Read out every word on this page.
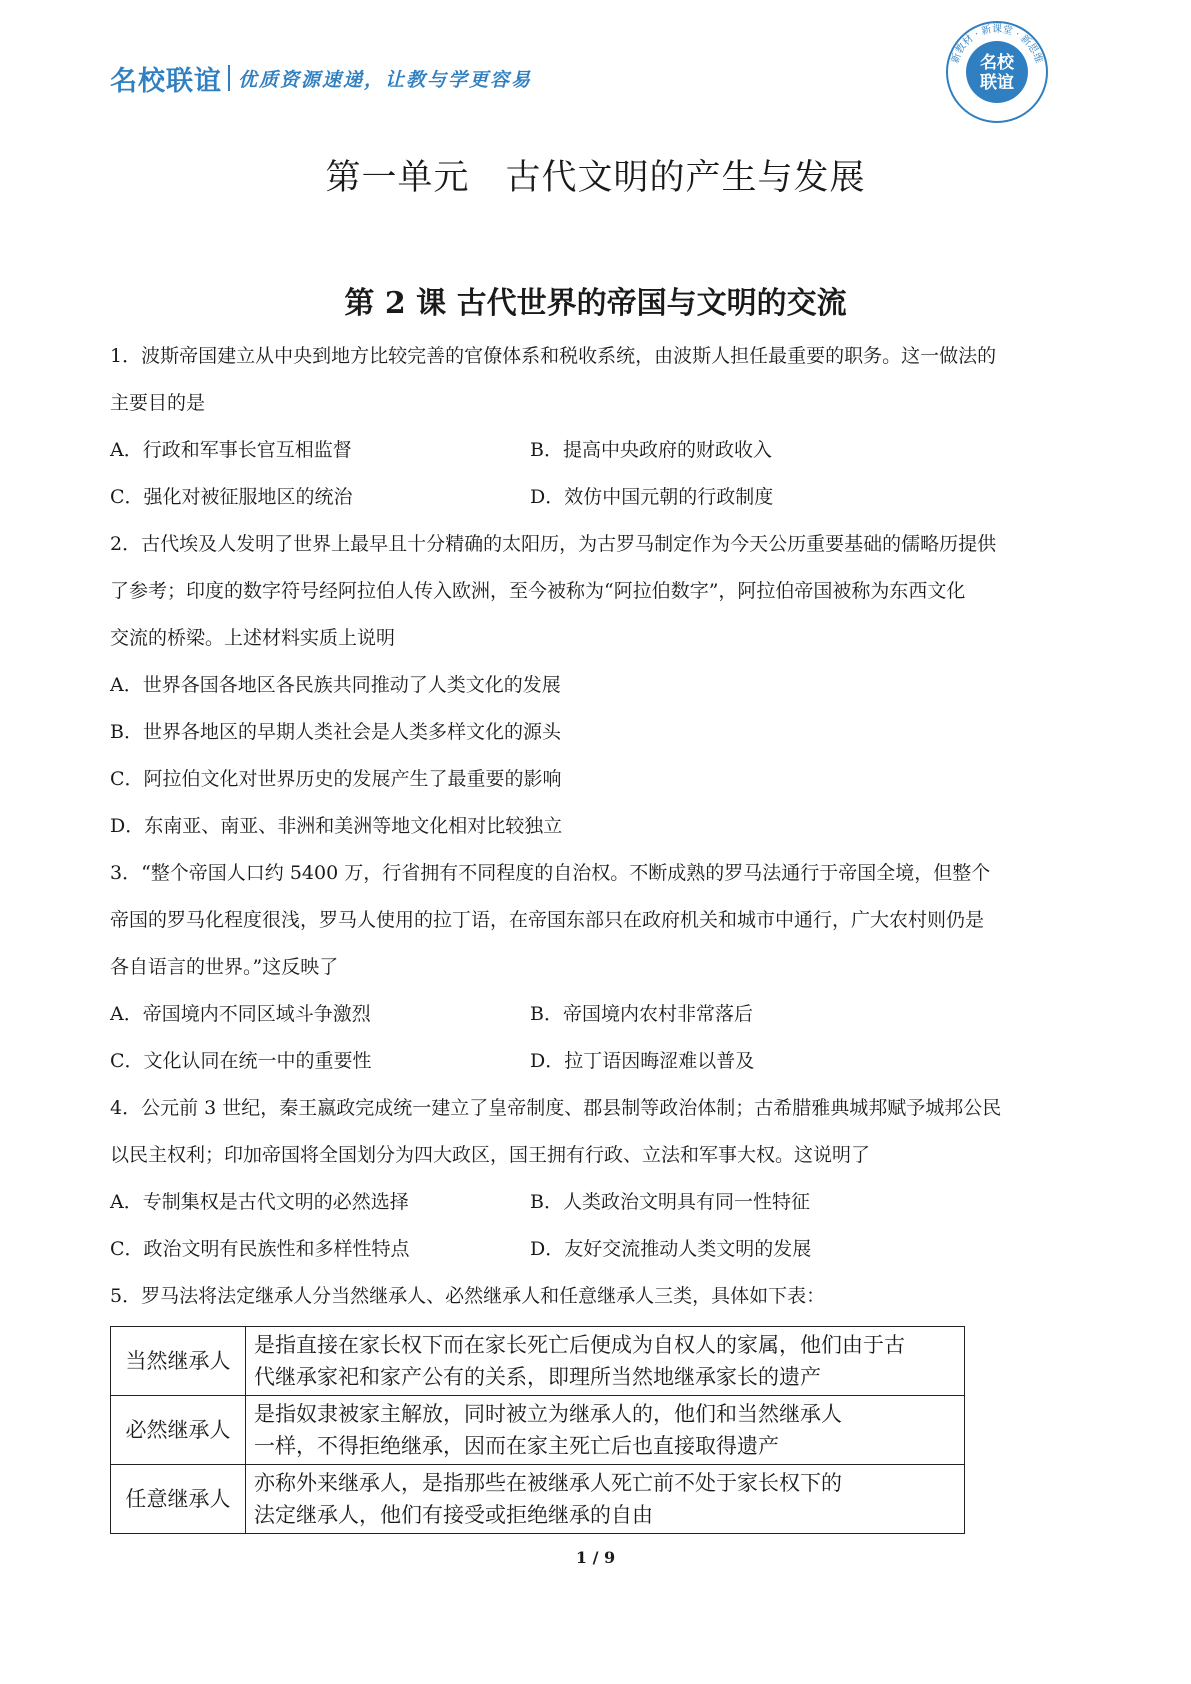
名校联谊 优质资源速递，让教与学更容易
名校
联谊
新教材 · 新课堂 · 新思维
第一单元　古代文明的产生与发展
第 2 课 古代世界的帝国与文明的交流
1．波斯帝国建立从中央到地方比较完善的官僚体系和税收系统，由波斯人担任最重要的职务。这一做法的
主要目的是
A．行政和军事长官互相监督	B．提高中央政府的财政收入
C．强化对被征服地区的统治	D．效仿中国元朝的行政制度
2．古代埃及人发明了世界上最早且十分精确的太阳历，为古罗马制定作为今天公历重要基础的儒略历提供
了参考；印度的数字符号经阿拉伯人传入欧洲，至今被称为“阿拉伯数字”，阿拉伯帝国被称为东西文化
交流的桥梁。上述材料实质上说明
A．世界各国各地区各民族共同推动了人类文化的发展
B．世界各地区的早期人类社会是人类多样文化的源头
C．阿拉伯文化对世界历史的发展产生了最重要的影响
D．东南亚、南亚、非洲和美洲等地文化相对比较独立
3．“整个帝国人口约 5400 万，行省拥有不同程度的自治权。不断成熟的罗马法通行于帝国全境，但整个
帝国的罗马化程度很浅，罗马人使用的拉丁语，在帝国东部只在政府机关和城市中通行，广大农村则仍是
各自语言的世界。”这反映了
A．帝国境内不同区域斗争激烈	B．帝国境内农村非常落后
C．文化认同在统一中的重要性	D．拉丁语因晦涩难以普及
4．公元前 3 世纪，秦王嬴政完成统一建立了皇帝制度、郡县制等政治体制；古希腊雅典城邦赋予城邦公民
以民主权利；印加帝国将全国划分为四大政区，国王拥有行政、立法和军事大权。这说明了
A．专制集权是古代文明的必然选择	B．人类政治文明具有同一性特征
C．政治文明有民族性和多样性特点	D．友好交流推动人类文明的发展
5．罗马法将法定继承人分当然继承人、必然继承人和任意继承人三类，具体如下表：
当然继承人	是指直接在家长权下而在家长死亡后便成为自权人的家属，他们由于古
代继承家祀和家产公有的关系，即理所当然地继承家长的遗产

必然继承人	是指奴隶被家主解放，同时被立为继承人的，他们和当然继承人
一样，不得拒绝继承，因而在家主死亡后也直接取得遗产

任意继承人	亦称外来继承人，是指那些在被继承人死亡前不处于家长权下的
法定继承人，他们有接受或拒绝继承的自由
1 / 9
